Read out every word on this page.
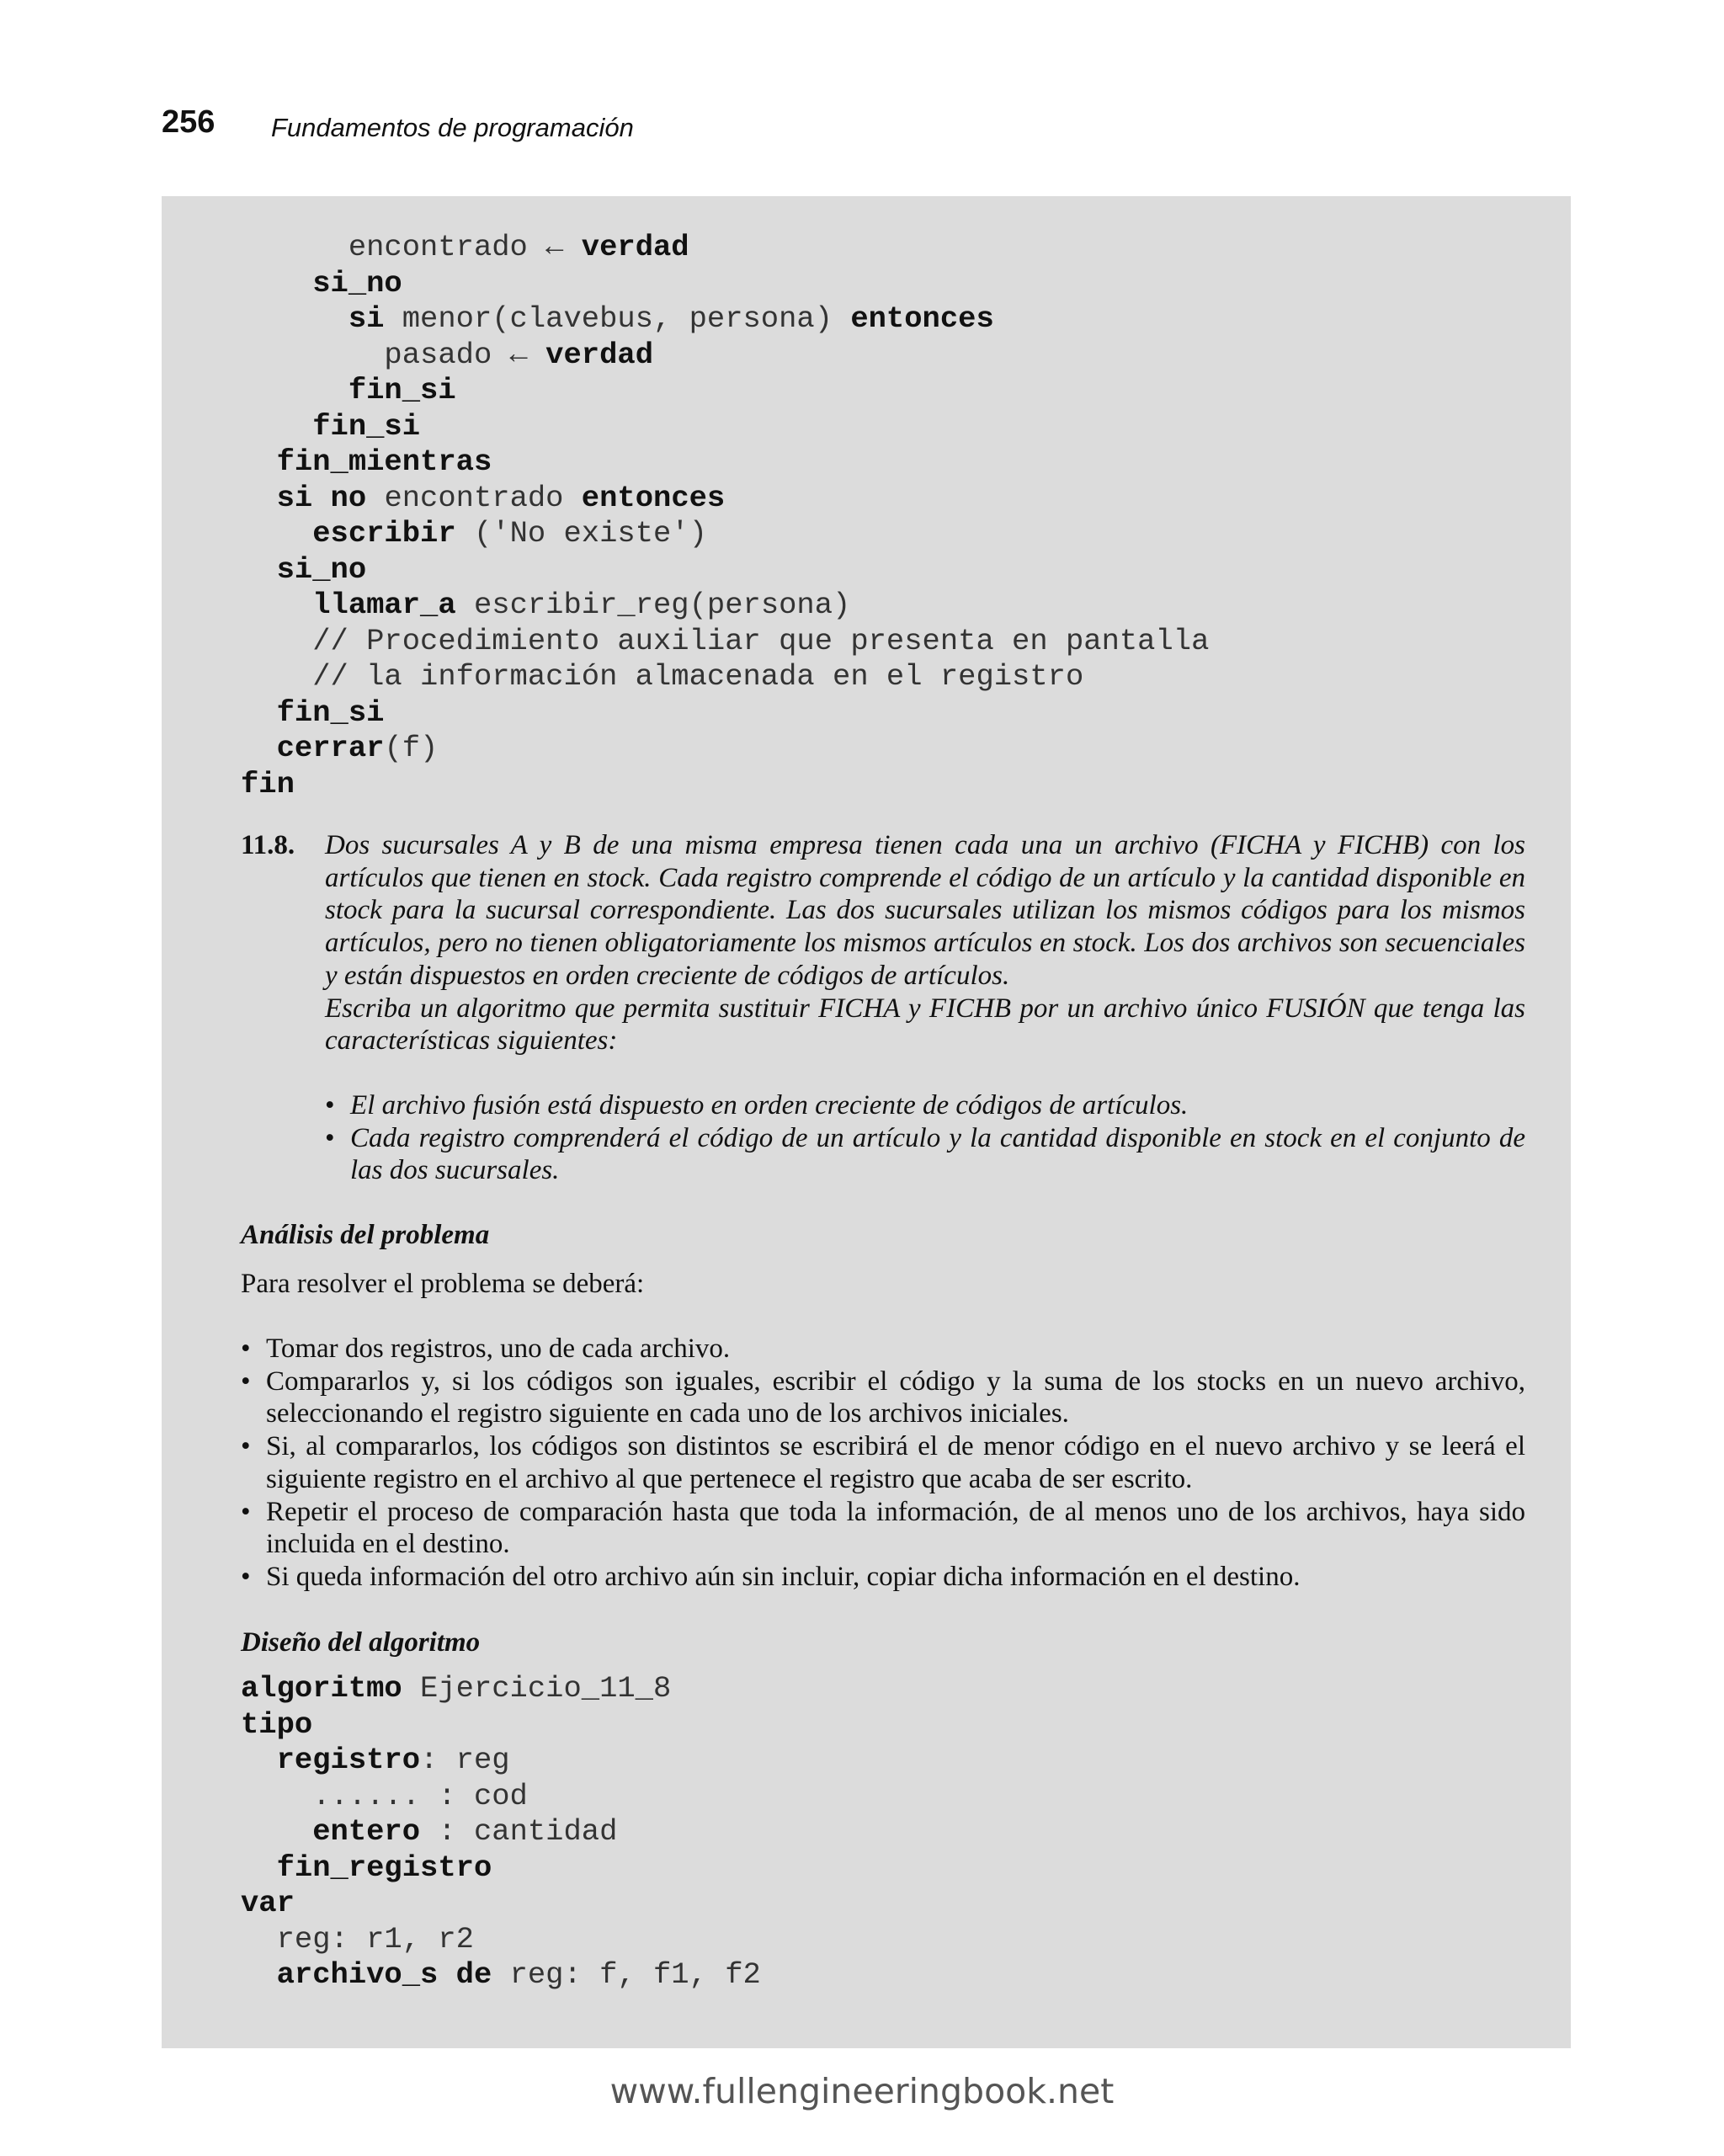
256 Fundamentos de programación
encontrado ← verdad
si_no
si menor(clavebus, persona) entonces
pasado ← verdad
fin_si
fin_si
fin_mientras
si no encontrado entonces
escribir ('No existe')
si_no
llamar_a escribir_reg(persona)
// Procedimiento auxiliar que presenta en pantalla
// la información almacenada en el registro
fin_si
cerrar(f)
fin
11.8. Dos sucursales A y B de una misma empresa tienen cada una un archivo (FICHA y FICHB) con los artículos que tienen en stock. Cada registro comprende el código de un artículo y la cantidad disponible en stock para la sucursal correspondiente. Las dos sucursales utilizan los mismos códigos para los mismos artículos, pero no tienen obligatoriamente los mismos artículos en stock. Los dos archivos son secuenciales y están dispuestos en orden creciente de códigos de artículos.

Escriba un algoritmo que permita sustituir FICHA y FICHB por un archivo único FUSIÓN que tenga las características siguientes:

• El archivo fusión está dispuesto en orden creciente de códigos de artículos.
• Cada registro comprenderá el código de un artículo y la cantidad disponible en stock en el conjunto de las dos sucursales.
Análisis del problema
Para resolver el problema se deberá:
• Tomar dos registros, uno de cada archivo.
• Compararlos y, si los códigos son iguales, escribir el código y la suma de los stocks en un nuevo archivo, seleccionando el registro siguiente en cada uno de los archivos iniciales.
• Si, al compararlos, los códigos son distintos se escribirá el de menor código en el nuevo archivo y se leerá el siguiente registro en el archivo al que pertenece el registro que acaba de ser escrito.
• Repetir el proceso de comparación hasta que toda la información, de al menos uno de los archivos, haya sido incluida en el destino.
• Si queda información del otro archivo aún sin incluir, copiar dicha información en el destino.
Diseño del algoritmo
algoritmo Ejercicio_11_8
tipo
registro: reg
...... : cod
entero : cantidad
fin_registro
var
reg: r1, r2
archivo_s de reg: f, f1, f2
www.fullengineeringbook.net
